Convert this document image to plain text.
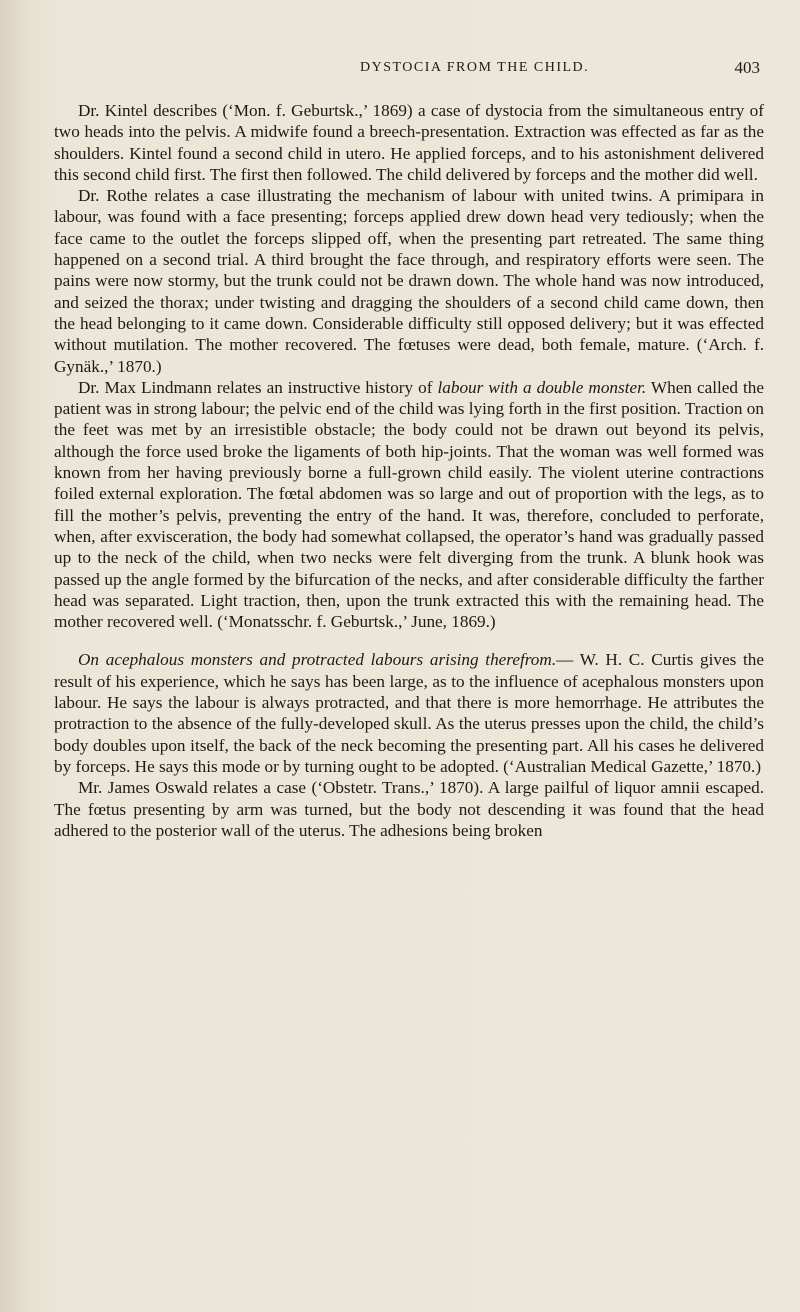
DYSTOCIA FROM THE CHILD.	403

Dr. Kintel describes (‘Mon. f. Geburtsk.,’ 1869) a case of dystocia from the simultaneous entry of two heads into the pelvis. A midwife found a breech-presentation. Extraction was effected as far as the shoulders. Kintel found a second child in utero. He applied forceps, and to his astonishment delivered this second child first. The first then followed. The child delivered by forceps and the mother did well.

Dr. Rothe relates a case illustrating the mechanism of labour with united twins. A primipara in labour, was found with a face presenting; forceps applied drew down head very tediously; when the face came to the outlet the forceps slipped off, when the presenting part retreated. The same thing happened on a second trial. A third brought the face through, and respiratory efforts were seen. The pains were now stormy, but the trunk could not be drawn down. The whole hand was now introduced, and seized the thorax; under twisting and dragging the shoulders of a second child came down, then the head belonging to it came down. Considerable difficulty still opposed delivery; but it was effected without mutilation. The mother recovered. The fœtuses were dead, both female, mature. (‘Arch. f. Gynäk.,’ 1870.)

Dr. Max Lindmann relates an instructive history of labour with a double monster. When called the patient was in strong labour; the pelvic end of the child was lying forth in the first position. Traction on the feet was met by an irresistible obstacle; the body could not be drawn out beyond its pelvis, although the force used broke the ligaments of both hip-joints. That the woman was well formed was known from her having previously borne a full-grown child easily. The violent uterine contractions foiled external exploration. The fœtal abdomen was so large and out of proportion with the legs, as to fill the mother’s pelvis, preventing the entry of the hand. It was, therefore, concluded to perforate, when, after exvisceration, the body had somewhat collapsed, the operator’s hand was gradually passed up to the neck of the child, when two necks were felt diverging from the trunk. A blunk hook was passed up the angle formed by the bifurcation of the necks, and after considerable difficulty the farther head was separated. Light traction, then, upon the trunk extracted this with the remaining head. The mother recovered well. (‘Monatsschr. f. Geburtsk.,’ June, 1869.)

On acephalous monsters and protracted labours arising therefrom.— W. H. C. Curtis gives the result of his experience, which he says has been large, as to the influence of acephalous monsters upon labour. He says the labour is always protracted, and that there is more hemorrhage. He attributes the protraction to the absence of the fully-developed skull. As the uterus presses upon the child, the child’s body doubles upon itself, the back of the neck becoming the presenting part. All his cases he delivered by forceps. He says this mode or by turning ought to be adopted. (‘Australian Medical Gazette,’ 1870.)

Mr. James Oswald relates a case (‘Obstetr. Trans.,’ 1870). A large pailful of liquor amnii escaped. The fœtus presenting by arm was turned, but the body not descending it was found that the head adhered to the posterior wall of the uterus. The adhesions being broken
